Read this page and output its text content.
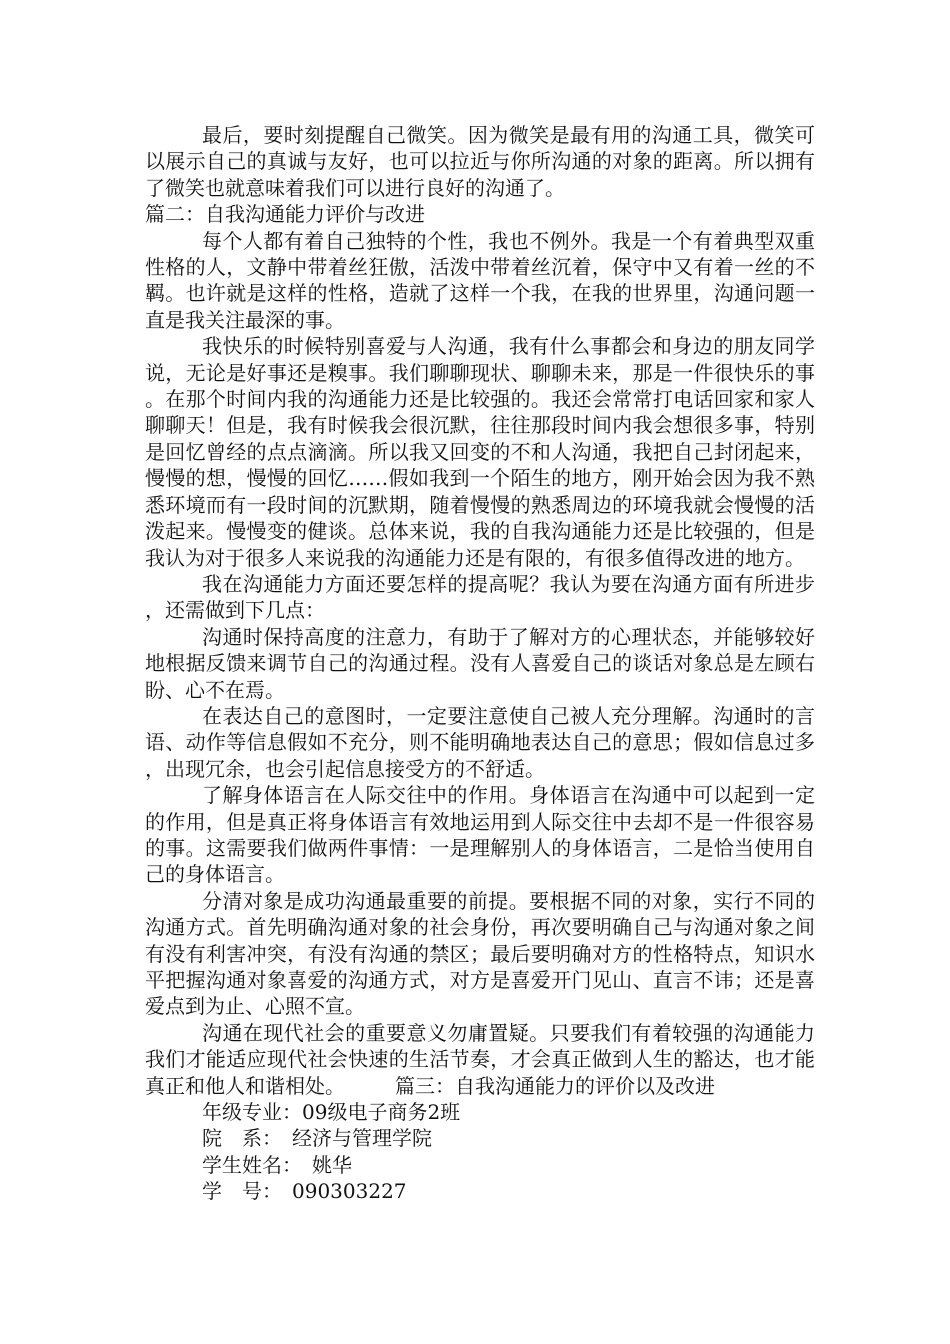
最后，要时刻提醒自己微笑。因为微笑是最有用的沟通工具，微笑可以展示自己的真诚与友好，也可以拉近与你所沟通的对象的距离。所以拥有了微笑也就意味着我们可以进行良好的沟通了。

篇二：自我沟通能力评价与改进

每个人都有着自己独特的个性，我也不例外。我是一个有着典型双重性格的人，文静中带着丝狂傲，活泼中带着丝沉着，保守中又有着一丝的不羁。也许就是这样的性格，造就了这样一个我，在我的世界里，沟通问题一直是我关注最深的事。

我快乐的时候特别喜爱与人沟通，我有什么事都会和身边的朋友同学说，无论是好事还是糗事。我们聊聊现状、聊聊未来，那是一件很快乐的事。在那个时间内我的沟通能力还是比较强的。我还会常常打电话回家和家人聊聊天！但是，我有时候我会很沉默，往往那段时间内我会想很多事，特别是回忆曾经的点点滴滴。所以我又回变的不和人沟通，我把自己封闭起来，慢慢的想，慢慢的回忆……假如我到一个陌生的地方，刚开始会因为我不熟悉环境而有一段时间的沉默期，随着慢慢的熟悉周边的环境我就会慢慢的活泼起来。慢慢变的健谈。总体来说，我的自我沟通能力还是比较强的，但是我认为对于很多人来说我的沟通能力还是有限的，有很多值得改进的地方。

我在沟通能力方面还要怎样的提高呢？我认为要在沟通方面有所进步，还需做到下几点：

沟通时保持高度的注意力，有助于了解对方的心理状态，并能够较好地根据反馈来调节自己的沟通过程。没有人喜爱自己的谈话对象总是左顾右盼、心不在焉。

在表达自己的意图时，一定要注意使自己被人充分理解。沟通时的言语、动作等信息假如不充分，则不能明确地表达自己的意思；假如信息过多，出现冗余，也会引起信息接受方的不舒适。

了解身体语言在人际交往中的作用。身体语言在沟通中可以起到一定的作用，但是真正将身体语言有效地运用到人际交往中去却不是一件很容易的事。这需要我们做两件事情：一是理解别人的身体语言，二是恰当使用自己的身体语言。

分清对象是成功沟通最重要的前提。要根据不同的对象，实行不同的沟通方式。首先明确沟通对象的社会身份，再次要明确自己与沟通对象之间有没有利害冲突，有没有沟通的禁区；最后要明确对方的性格特点，知识水平把握沟通对象喜爱的沟通方式，对方是喜爱开门见山、直言不讳；还是喜爱点到为止、心照不宣。

沟通在现代社会的重要意义勿庸置疑。只要我们有着较强的沟通能力我们才能适应现代社会快速的生活节奏，才会真正做到人生的豁达，也才能真正和他人和谐相处。　　　篇三：自我沟通能力的评价以及改进

年级专业：09级电子商务2班

院　系：　经济与管理学院

学生姓名：　姚华

学　号：　090303227
